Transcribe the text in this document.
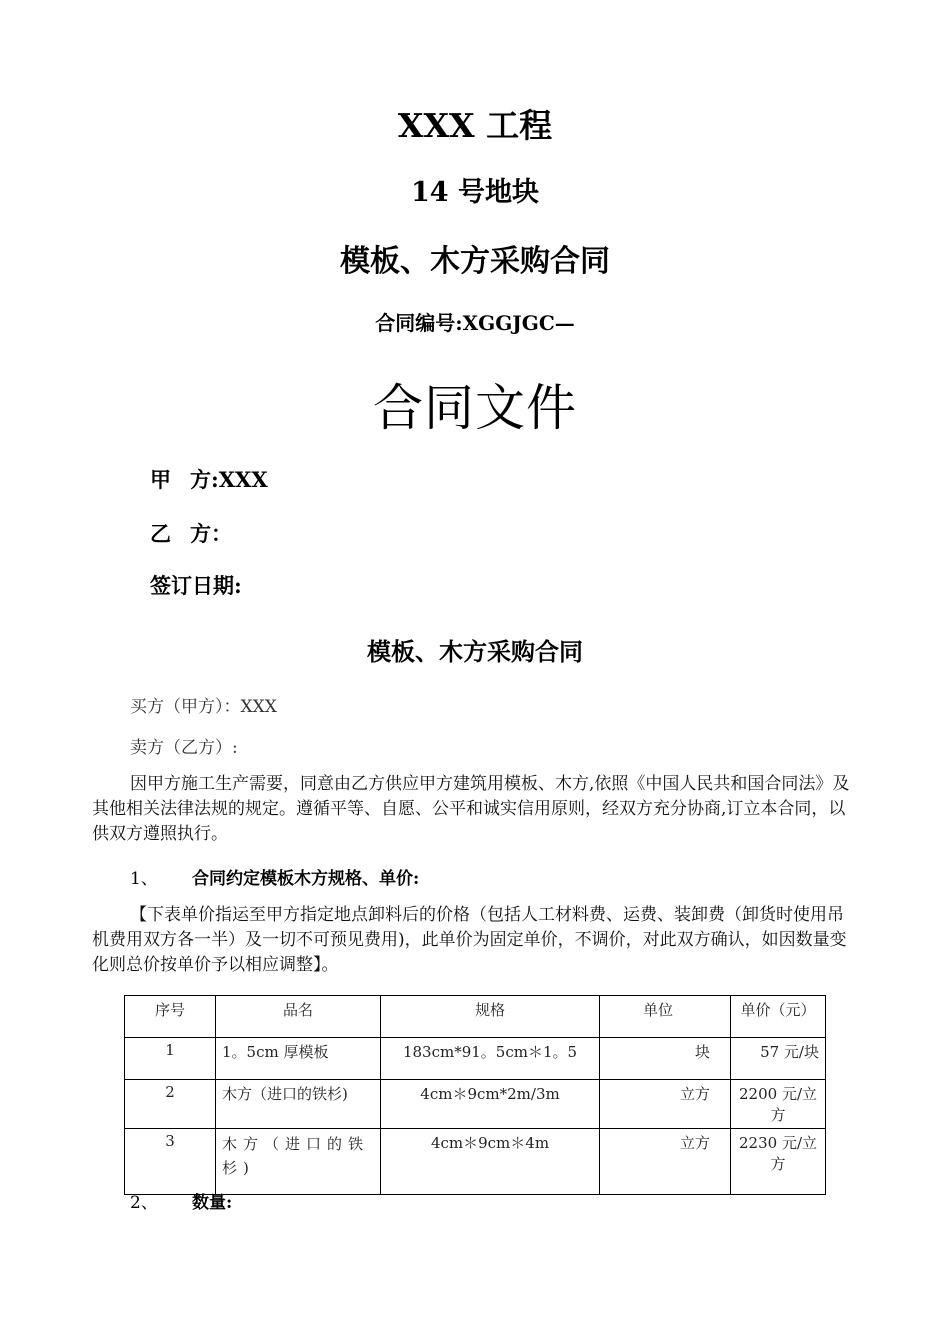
XXX 工程
14 号地块
模板、木方采购合同
合同编号:XGGJGC—
合同文件
甲 方:XXX
乙 方：
签订日期:
模板、木方采购合同
买方（甲方）：XXX
卖方（乙方）:
因甲方施工生产需要，同意由乙方供应甲方建筑用模板、木方,依照《中国人民共和国合同法》及其他相关法律法规的规定。遵循平等、自愿、公平和诚实信用原则，经双方充分协商,订立本合同，以供双方遵照执行。
1、 合同约定模板木方规格、单价:
【下表单价指运至甲方指定地点卸料后的价格（包括人工材料费、运费、装卸费（卸货时使用吊机费用双方各一半）及一切不可预见费用)，此单价为固定单价，不调价，对此双方确认，如因数量变化则总价按单价予以相应调整】。
序号	品名	规格	单位	单价（元）
1	1。5cm 厚模板	183cm*91。5cm＊1。5	块	57 元/块
2	木方（进口的铁杉)	4cm＊9cm*2m/3m	立方	2200 元/立方
3	木方（进口的铁杉)	4cm＊9cm＊4m	立方	2230 元/立方
2、 数量:
